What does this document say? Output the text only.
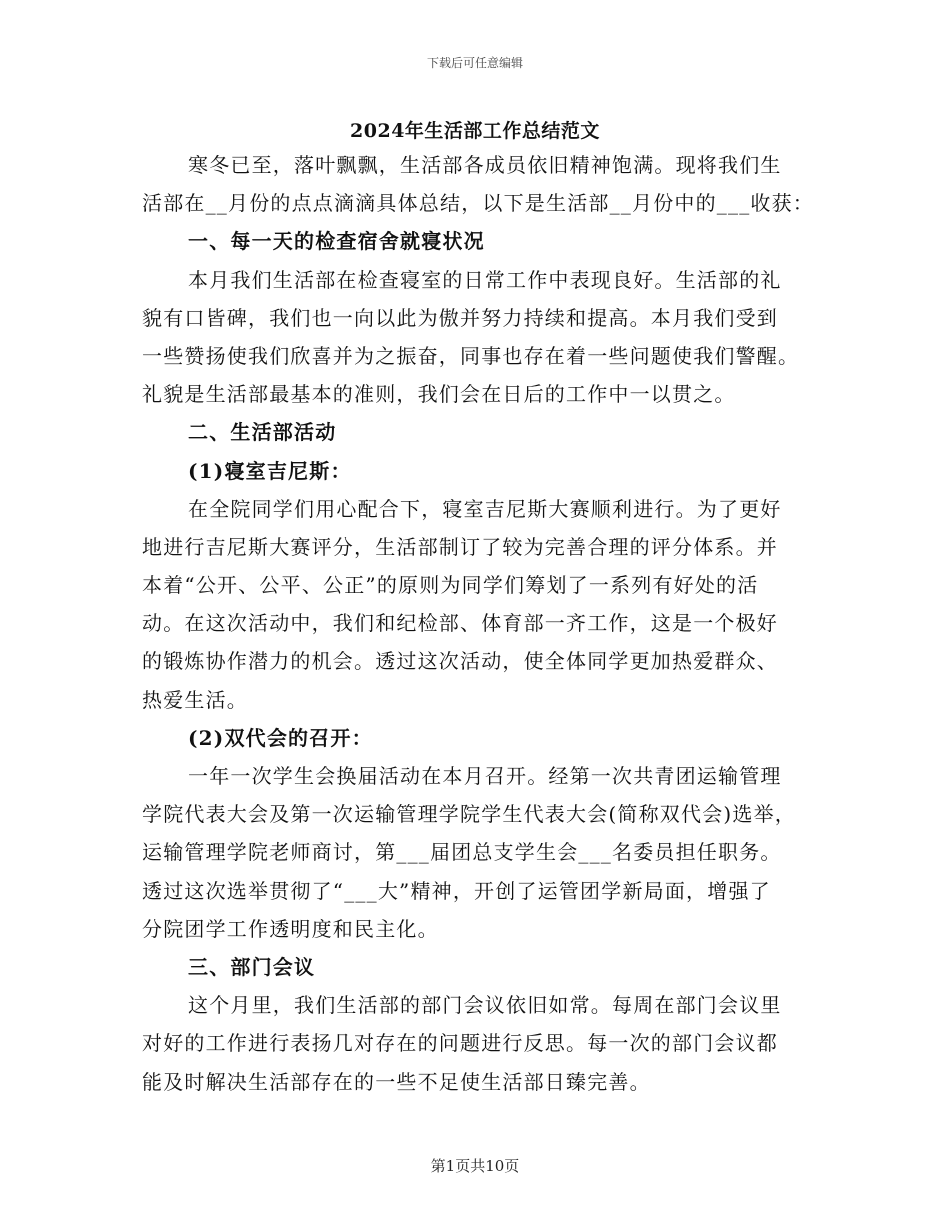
下载后可任意编辑
2024年生活部工作总结范文
寒冬已至，落叶飘飘，生活部各成员依旧精神饱满。现将我们生
活部在__月份的点点滴滴具体总结，以下是生活部__月份中的___收获：
一、每一天的检查宿舍就寝状况
本月我们生活部在检查寝室的日常工作中表现良好。生活部的礼
貌有口皆碑，我们也一向以此为傲并努力持续和提高。本月我们受到
一些赞扬使我们欣喜并为之振奋，同事也存在着一些问题使我们警醒。
礼貌是生活部最基本的准则，我们会在日后的工作中一以贯之。
二、生活部活动
(1)寝室吉尼斯：
在全院同学们用心配合下，寝室吉尼斯大赛顺利进行。为了更好
地进行吉尼斯大赛评分，生活部制订了较为完善合理的评分体系。并
本着“公开、公平、公正”的原则为同学们筹划了一系列有好处的活
动。在这次活动中，我们和纪检部、体育部一齐工作，这是一个极好
的锻炼协作潜力的机会。透过这次活动，使全体同学更加热爱群众、
热爱生活。
(2)双代会的召开：
一年一次学生会换届活动在本月召开。经第一次共青团运输管理
学院代表大会及第一次运输管理学院学生代表大会(简称双代会)选举，
运输管理学院老师商讨，第___届团总支学生会___名委员担任职务。
透过这次选举贯彻了“___大”精神，开创了运管团学新局面，增强了
分院团学工作透明度和民主化。
三、部门会议
这个月里，我们生活部的部门会议依旧如常。每周在部门会议里
对好的工作进行表扬几对存在的问题进行反思。每一次的部门会议都
能及时解决生活部存在的一些不足使生活部日臻完善。
第1页共10页
